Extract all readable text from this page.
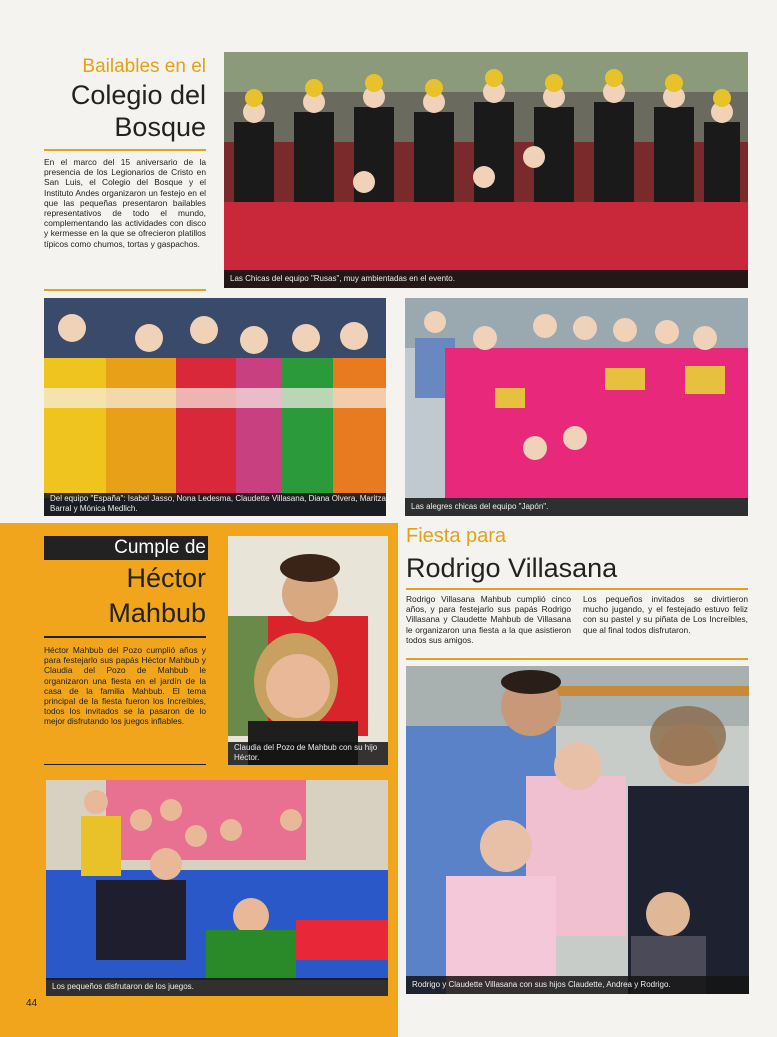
Bailables en el
Colegio del
Bosque
En el marco del 15 aniversario de la presencia de los Legionarios de Cristo en San Luis, el Colegio del Bosque y el Instituto Andes organizaron un festejo en el que las pequeñas presentaron bailables representativos de todo el mundo, complementando las actividades con disco y kermesse en la que se ofrecieron platillos típicos como chumos, tortas y gaspachos.
Las Chicas del equipo "Rusas", muy ambientadas en el evento.
Del equipo "España": Isabel Jasso, Nona Ledesma, Claudette Villasana, Diana Olvera, Maritza Barral y Mónica Medlich.	Las alegres chicas del equipo "Japón".
Cumple de
Héctor
Mahbub
Héctor Mahbub del Pozo cumplió años y para festejarlo sus papás Héctor Mahbub y Claudia del Pozo de Mahbub le organizaron una fiesta en el jardín de la casa de la familia Mahbub. El tema principal de la fiesta fueron los Increíbles, todos los invitados se la pasaron de lo mejor disfrutando los juegos inflables.
Claudia del Pozo de Mahbub con su hijo Héctor.
Los pequeños disfrutaron de los juegos.
44
Fiesta para
Rodrigo Villasana
Rodrigo Villasana Mahbub cumplió cinco años, y para festejarlo sus papás Rodrigo Villasana y Claudette Mahbub de Villasana le organizaron una fiesta a la que asistieron todos sus amigos.
Los pequeños invitados se divirtieron mucho jugando, y el festejado estuvo feliz con su pastel y su piñata de Los Increíbles, que al final todos disfrutaron.
Rodrigo y Claudette Villasana con sus hijos Claudette, Andrea y Rodrigo.
